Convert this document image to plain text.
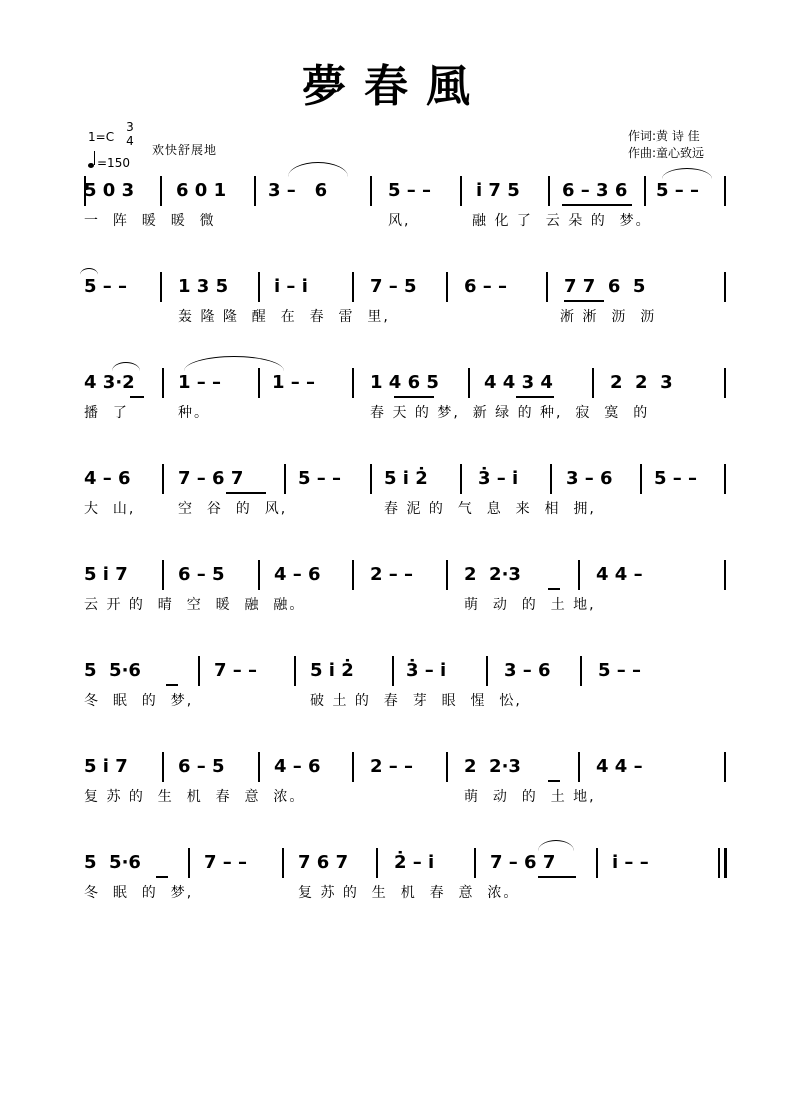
夢春風
1=C
3
4
=150
欢快舒展地
作词:黄 诗 佳
作曲:童心致远
5 0 3 6 0 1 3 –   6	5 – – i̇ 7 5 6 – 3 6 5 – –
一  阵  暖  暖  微	风,	融 化 了  云 朵 的  梦。
5 – –	1 3 5	i̇ – i̇	7 – 5	6 – –	7 7  6  5
轰 隆 隆  醒  在  春  雷  里,	淅 淅  沥  沥
4 3·2 1 – –	1 – –	1 4 6 5	4 4 3 4	2  2  3
播  了	种。	春 天 的 梦,  新 绿 的 种,  寂  寞  的
4 – 6	7 – 6 7	5 – – 5 i̇ 2̇	3̇ – i̇	3 – 6 5 – –
大  山,	空  谷  的  风,	春 泥 的  气  息  来  相  拥,
5 i̇ 7	6 – 5	4 – 6	2 – –	2  2·3	4 4 –
云 开 的  晴  空  暖  融  融。	萌  动  的  土 地,
5  5·6	7 – –	5 i̇ 2̇	3̇ – i̇	3 – 6	5 – –
冬  眠  的  梦,	破 土 的  春  芽  眼  惺  忪,
5 i̇ 7	6 – 5	4 – 6	2 – –	2  2·3	4 4 –
复 苏 的  生  机  春  意  浓。	萌  动  的  土 地,
5  5·6	7 – –	7 6 7	2̇ – i̇	7 – 6 7	i̇ – –
冬  眠  的  梦,	复 苏 的  生  机  春  意  浓。
